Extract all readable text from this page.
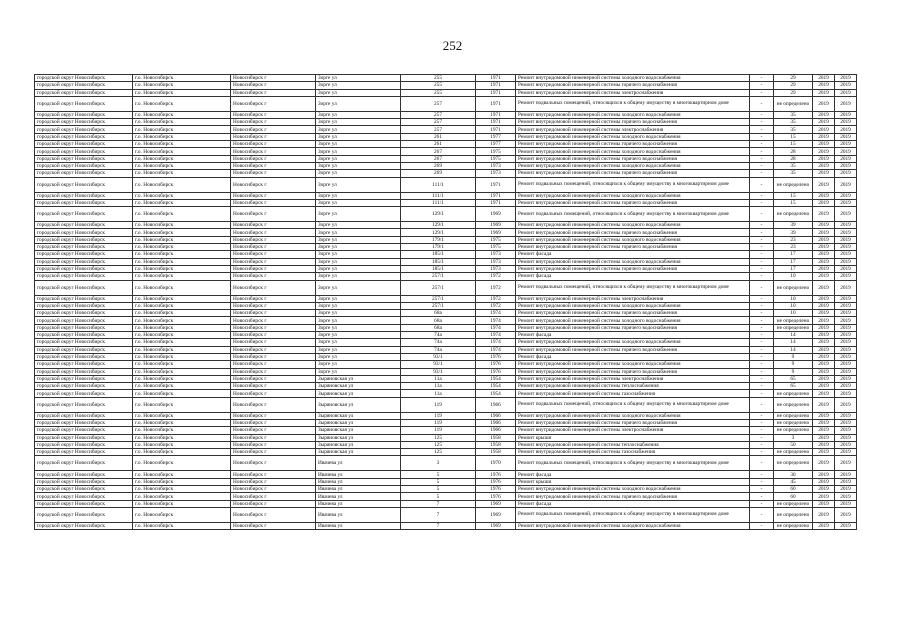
252
городской округ Новосибирск	г.о. Новосибирск	Новосибирск г	Зорге ул	255	1971	Ремонт внутридомовой инженерной системы холодного водоснабжения	-	29	2019	2019
городской округ Новосибирск	г.о. Новосибирск	Новосибирск г	Зорге ул	255	1971	Ремонт внутридомовой инженерной системы горячего водоснабжения	-	29	2019	2019
городской округ Новосибирск	г.о. Новосибирск	Новосибирск г	Зорге ул	255	1971	Ремонт внутридомовой инженерной системы электроснабжения	-	29	2019	2019
городской округ Новосибирск	г.о. Новосибирск	Новосибирск г	Зорге ул	257	1971	Ремонт подвальных помещений, относящихся к общему имуществу в многоквартирном доме	-	не определено	2019	2019
городской округ Новосибирск	г.о. Новосибирск	Новосибирск г	Зорге ул	257	1971	Ремонт внутридомовой инженерной системы холодного водоснабжения	-	35	2019	2019
городской округ Новосибирск	г.о. Новосибирск	Новосибирск г	Зорге ул	257	1971	Ремонт внутридомовой инженерной системы горячего водоснабжения	-	35	2019	2019
городской округ Новосибирск	г.о. Новосибирск	Новосибирск г	Зорге ул	257	1971	Ремонт внутридомовой инженерной системы электроснабжения	-	35	2019	2019
городской округ Новосибирск	г.о. Новосибирск	Новосибирск г	Зорге ул	261	1977	Ремонт внутридомовой инженерной системы холодного водоснабжения	-	15	2019	2019
городской округ Новосибирск	г.о. Новосибирск	Новосибирск г	Зорге ул	261	1977	Ремонт внутридомовой инженерной системы горячего водоснабжения	-	15	2019	2019
городской округ Новосибирск	г.о. Новосибирск	Новосибирск г	Зорге ул	267	1975	Ремонт внутридомовой инженерной системы холодного водоснабжения	-	28	2019	2019
городской округ Новосибирск	г.о. Новосибирск	Новосибирск г	Зорге ул	267	1975	Ремонт внутридомовой инженерной системы горячего водоснабжения	-	28	2019	2019
городской округ Новосибирск	г.о. Новосибирск	Новосибирск г	Зорге ул	269	1973	Ремонт внутридомовой инженерной системы холодного водоснабжения	-	35	2019	2019
городской округ Новосибирск	г.о. Новосибирск	Новосибирск г	Зорге ул	269	1973	Ремонт внутридомовой инженерной системы горячего водоснабжения	-	35	2019	2019
городской округ Новосибирск	г.о. Новосибирск	Новосибирск г	Зорге ул	111/1	1971	Ремонт подвальных помещений, относящихся к общему имуществу в многоквартирном доме	-	не определено	2019	2019
городской округ Новосибирск	г.о. Новосибирск	Новосибирск г	Зорге ул	111/1	1971	Ремонт внутридомовой инженерной системы холодного водоснабжения	-	15	2019	2019
городской округ Новосибирск	г.о. Новосибирск	Новосибирск г	Зорге ул	111/1	1971	Ремонт внутридомовой инженерной системы горячего водоснабжения	-	15	2019	2019
городской округ Новосибирск	г.о. Новосибирск	Новосибирск г	Зорге ул	129/1	1969	Ремонт подвальных помещений, относящихся к общему имуществу в многоквартирном доме	-	не определено	2019	2019
городской округ Новосибирск	г.о. Новосибирск	Новосибирск г	Зорге ул	129/1	1969	Ремонт внутридомовой инженерной системы холодного водоснабжения	-	39	2019	2019
городской округ Новосибирск	г.о. Новосибирск	Новосибирск г	Зорге ул	129/1	1969	Ремонт внутридомовой инженерной системы горячего водоснабжения	-	39	2019	2019
городской округ Новосибирск	г.о. Новосибирск	Новосибирск г	Зорге ул	179/1	1975	Ремонт внутридомовой инженерной системы холодного водоснабжения	-	23	2019	2019
городской округ Новосибирск	г.о. Новосибирск	Новосибирск г	Зорге ул	179/1	1975	Ремонт внутридомовой инженерной системы горячего водоснабжения	-	23	2019	2019
городской округ Новосибирск	г.о. Новосибирск	Новосибирск г	Зорге ул	185/1	1973	Ремонт фасада	-	17	2019	2019
городской округ Новосибирск	г.о. Новосибирск	Новосибирск г	Зорге ул	185/1	1973	Ремонт внутридомовой инженерной системы холодного водоснабжения	-	17	2019	2019
городской округ Новосибирск	г.о. Новосибирск	Новосибирск г	Зорге ул	185/1	1973	Ремонт внутридомовой инженерной системы горячего водоснабжения	-	17	2019	2019
городской округ Новосибирск	г.о. Новосибирск	Новосибирск г	Зорге ул	257/1	1972	Ремонт фасада	-	10	2019	2019
городской округ Новосибирск	г.о. Новосибирск	Новосибирск г	Зорге ул	257/1	1972	Ремонт подвальных помещений, относящихся к общему имуществу в многоквартирном доме	-	не определено	2019	2019
городской округ Новосибирск	г.о. Новосибирск	Новосибирск г	Зорге ул	257/1	1972	Ремонт внутридомовой инженерной системы электроснабжения	-	10	2019	2019
городской округ Новосибирск	г.о. Новосибирск	Новосибирск г	Зорге ул	257/1	1972	Ремонт внутридомовой инженерной системы холодного водоснабжения	-	10	2019	2019
городской округ Новосибирск	г.о. Новосибирск	Новосибирск г	Зорге ул	68а	1974	Ремонт внутридомовой инженерной системы горячего водоснабжения	-	10	2019	2019
городской округ Новосибирск	г.о. Новосибирск	Новосибирск г	Зорге ул	68а	1974	Ремонт внутридомовой инженерной системы холодного водоснабжения	-	не определено	2019	2019
городской округ Новосибирск	г.о. Новосибирск	Новосибирск г	Зорге ул	68а	1974	Ремонт внутридомовой инженерной системы горячего водоснабжения	-	не определено	2019	2019
городской округ Новосибирск	г.о. Новосибирск	Новосибирск г	Зорге ул	74а	1974	Ремонт фасада	-	14	2019	2019
городской округ Новосибирск	г.о. Новосибирск	Новосибирск г	Зорге ул	74а	1974	Ремонт внутридомовой инженерной системы холодного водоснабжения	-	14	2019	2019
городской округ Новосибирск	г.о. Новосибирск	Новосибирск г	Зорге ул	74а	1974	Ремонт внутридомовой инженерной системы горячего водоснабжения	-	14	2019	2019
городской округ Новосибирск	г.о. Новосибирск	Новосибирск г	Зорге ул	93/1	1976	Ремонт фасада	-	9	2019	2019
городской округ Новосибирск	г.о. Новосибирск	Новосибирск г	Зорге ул	93/1	1976	Ремонт внутридомовой инженерной системы холодного водоснабжения	-	9	2019	2019
городской округ Новосибирск	г.о. Новосибирск	Новосибирск г	Зорге ул	93/1	1976	Ремонт внутридомовой инженерной системы горячего водоснабжения	-	9	2019	2019
городской округ Новосибирск	г.о. Новосибирск	Новосибирск г	Зыряновская ул	11а	1954	Ремонт внутридомовой инженерной системы электроснабжения	-	65	2019	2019
городской округ Новосибирск	г.о. Новосибирск	Новосибирск г	Зыряновская ул	11а	1954	Ремонт внутридомовой инженерной системы теплоснабжения	-	65	2019	2019
городской округ Новосибирск	г.о. Новосибирск	Новосибирск г	Зыряновская ул	11а	1954	Ремонт внутридомовой инженерной системы газоснабжения	-	не определено	2019	2019
городской округ Новосибирск	г.о. Новосибирск	Новосибирск г	Зыряновская ул	119	1966	Ремонт подвальных помещений, относящихся к общему имуществу в многоквартирном доме	-	не определено	2019	2019
городской округ Новосибирск	г.о. Новосибирск	Новосибирск г	Зыряновская ул	119	1966	Ремонт внутридомовой инженерной системы холодного водоснабжения	-	не определено	2019	2019
городской округ Новосибирск	г.о. Новосибирск	Новосибирск г	Зыряновская ул	119	1966	Ремонт внутридомовой инженерной системы горячего водоснабжения	-	не определено	2019	2019
городской округ Новосибирск	г.о. Новосибирск	Новосибирск г	Зыряновская ул	119	1966	Ремонт внутридомовой инженерной системы электроснабжения	-	не определено	2019	2019
городской округ Новосибирск	г.о. Новосибирск	Новосибирск г	Зыряновская ул	125	1958	Ремонт крыши	-	3	2019	2019
городской округ Новосибирск	г.о. Новосибирск	Новосибирск г	Зыряновская ул	125	1958	Ремонт внутридомовой инженерной системы теплоснабжения	-	50	2019	2019
городской округ Новосибирск	г.о. Новосибирск	Новосибирск г	Зыряновская ул	125	1958	Ремонт внутридомовой инженерной системы газоснабжения	-	не определено	2019	2019
городской округ Новосибирск	г.о. Новосибирск	Новосибирск г	Ивачева ул	3	1970	Ремонт подвальных помещений, относящихся к общему имуществу в многоквартирном доме	-	не определено	2019	2019
городской округ Новосибирск	г.о. Новосибирск	Новосибирск г	Ивачева ул	5	1976	Ремонт фасада	-	30	2019	2019
городской округ Новосибирск	г.о. Новосибирск	Новосибирск г	Ивачева ул	5	1976	Ремонт крыши	-	45	2019	2019
городской округ Новосибирск	г.о. Новосибирск	Новосибирск г	Ивачева ул	5	1976	Ремонт внутридомовой инженерной системы холодного водоснабжения	-	60	2019	2019
городской округ Новосибирск	г.о. Новосибирск	Новосибирск г	Ивачева ул	5	1976	Ремонт внутридомовой инженерной системы горячего водоснабжения	-	60	2019	2019
городской округ Новосибирск	г.о. Новосибирск	Новосибирск г	Ивачева ул	7	1969	Ремонт фасада	-	не определено	2019	2019
городской округ Новосибирск	г.о. Новосибирск	Новосибирск г	Ивачева ул	7	1969	Ремонт подвальных помещений, относящихся к общему имуществу в многоквартирном доме	-	не определено	2019	2019
городской округ Новосибирск	г.о. Новосибирск	Новосибирск г	Ивачева ул	7	1969	Ремонт внутридомовой инженерной системы холодного водоснабжения	-	не определено	2019	2019
